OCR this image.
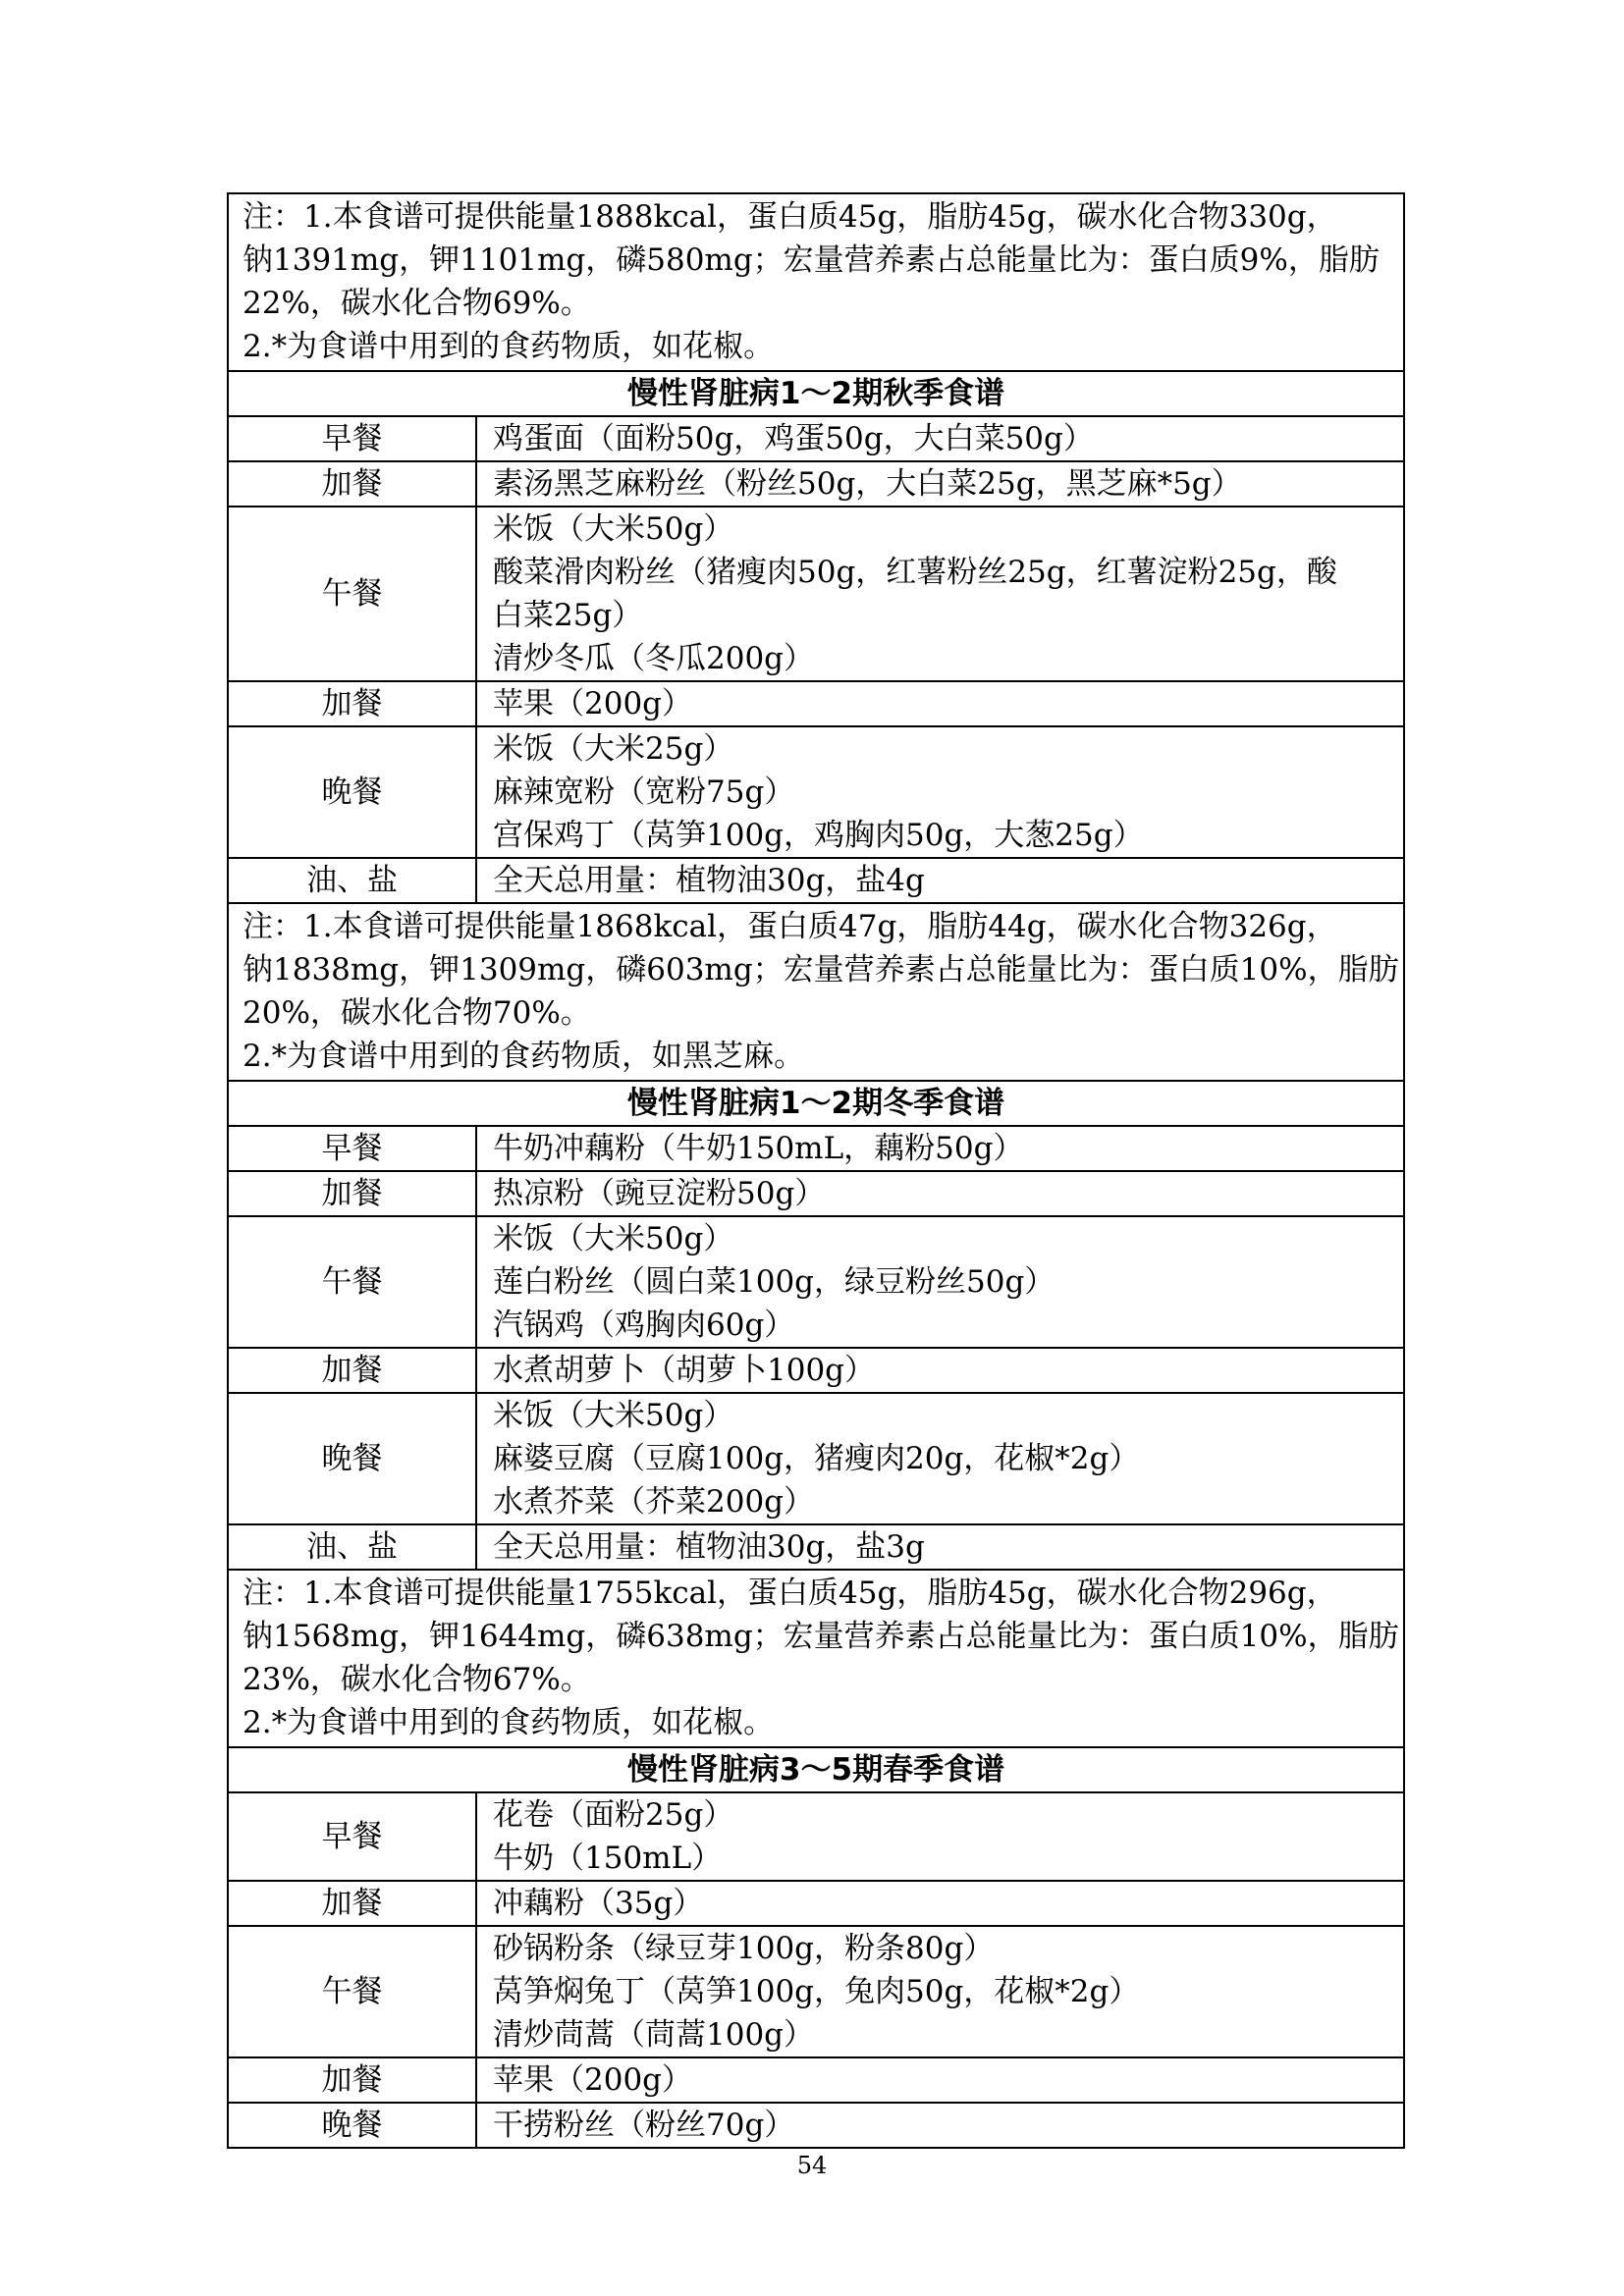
注：1.本食谱可提供能量1888kcal，蛋白质45g，脂肪45g，碳水化合物330g，
钠1391mg，钾1101mg，磷580mg；宏量营养素占总能量比为：蛋白质9%，脂肪
22%，碳水化合物69%。
2.*为食谱中用到的食药物质，如花椒。	

慢性肾脏病1～2期秋季食谱	
早餐	鸡蛋面（面粉50g，鸡蛋50g，大白菜50g）

加餐	素汤黑芝麻粉丝（粉丝50g，大白菜25g，黑芝麻*5g）

午餐	米饭（大米50g）
酸菜滑肉粉丝（猪瘦肉50g，红薯粉丝25g，红薯淀粉25g，酸
白菜25g）
清炒冬瓜（冬瓜200g）

加餐	苹果（200g）

晚餐	米饭（大米25g）
麻辣宽粉（宽粉75g）
宫保鸡丁（莴笋100g，鸡胸肉50g，大葱25g）

油、盐	全天总用量：植物油30g，盐4g

注：1.本食谱可提供能量1868kcal，蛋白质47g，脂肪44g，碳水化合物326g，
钠1838mg，钾1309mg，磷603mg；宏量营养素占总能量比为：蛋白质10%，脂肪
20%，碳水化合物70%。
2.*为食谱中用到的食药物质，如黑芝麻。	

慢性肾脏病1～2期冬季食谱	
早餐	牛奶冲藕粉（牛奶150mL，藕粉50g）

加餐	热凉粉（豌豆淀粉50g）

午餐	米饭（大米50g）
莲白粉丝（圆白菜100g，绿豆粉丝50g）
汽锅鸡（鸡胸肉60g）

加餐	水煮胡萝卜（胡萝卜100g）

晚餐	米饭（大米50g）
麻婆豆腐（豆腐100g，猪瘦肉20g，花椒*2g）
水煮芥菜（芥菜200g）

油、盐	全天总用量：植物油30g，盐3g

注：1.本食谱可提供能量1755kcal，蛋白质45g，脂肪45g，碳水化合物296g，
钠1568mg，钾1644mg，磷638mg；宏量营养素占总能量比为：蛋白质10%，脂肪
23%，碳水化合物67%。
2.*为食谱中用到的食药物质，如花椒。	

慢性肾脏病3～5期春季食谱	
早餐	花卷（面粉25g）
牛奶（150mL）

加餐	冲藕粉（35g）

午餐	砂锅粉条（绿豆芽100g，粉条80g）
莴笋焖兔丁（莴笋100g，兔肉50g，花椒*2g）
清炒茼蒿（茼蒿100g）

加餐	苹果（200g）

晚餐	干捞粉丝（粉丝70g）
54
